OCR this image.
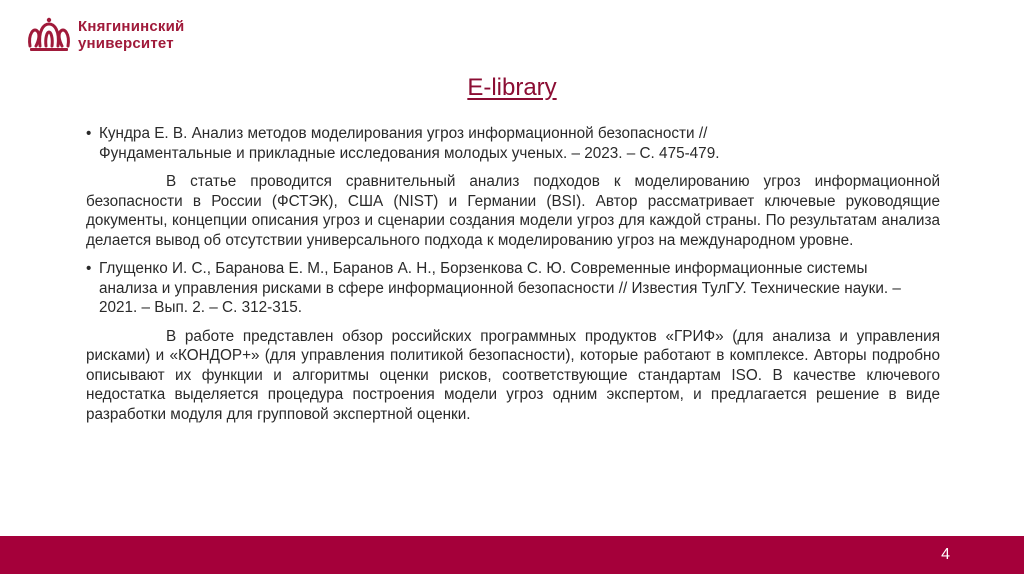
Княгининский
университет
E-library

• Кундра Е. В. Анализ методов моделирования угроз информационной безопасности // Фундаментальные и прикладные исследования молодых ученых. – 2023. – С. 475-479.

В статье проводится сравнительный анализ подходов к моделированию угроз информационной безопасности в России (ФСТЭК), США (NIST) и Германии (BSI). Автор рассматривает ключевые руководящие документы, концепции описания угроз и сценарии создания модели угроз для каждой страны. По результатам анализа делается вывод об отсутствии универсального подхода к моделированию угроз на международном уровне.

• Глущенко И. С., Баранова Е. М., Баранов А. Н., Борзенкова С. Ю. Современные информационные системы анализа и управления рисками в сфере информационной безопасности // Известия ТулГУ. Технические науки. – 2021. – Вып. 2. – С. 312-315.

В работе представлен обзор российских программных продуктов «ГРИФ» (для анализа и управления рисками) и «КОНДОР+» (для управления политикой безопасности), которые работают в комплексе. Авторы подробно описывают их функции и алгоритмы оценки рисков, соответствующие стандартам ISO. В качестве ключевого недостатка выделяется процедура построения модели угроз одним экспертом, и предлагается решение в виде разработки модуля для групповой экспертной оценки.

4
